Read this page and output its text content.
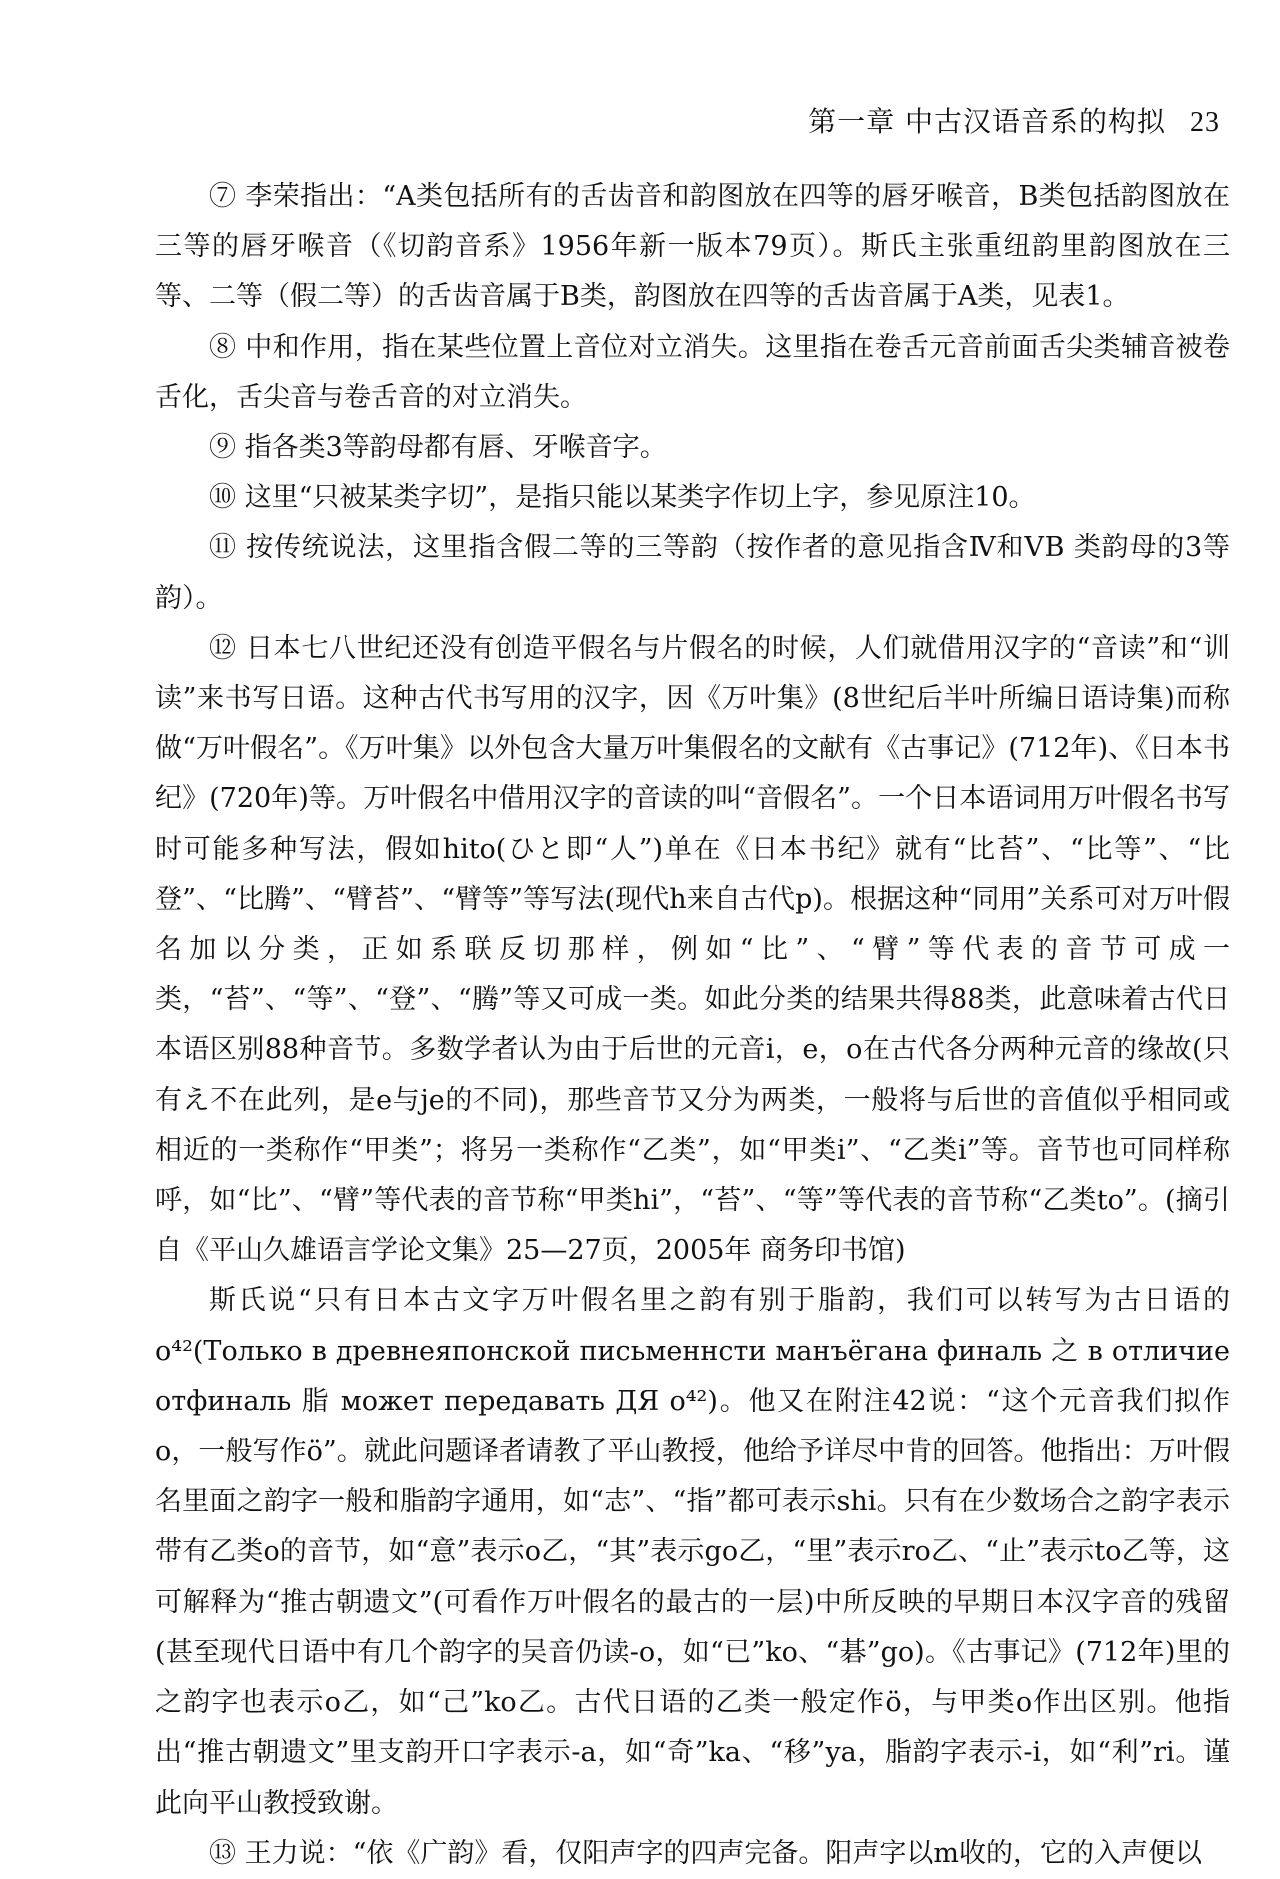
第一章 中古汉语音系的构拟 23

⑦ 李荣指出：“A类包括所有的舌齿音和韵图放在四等的唇牙喉音，B类包括韵图放在三等的唇牙喉音（《切韵音系》1956年新一版本79页）。斯氏主张重纽韵里韵图放在三等、二等（假二等）的舌齿音属于B类，韵图放在四等的舌齿音属于A类，见表1。

⑧ 中和作用，指在某些位置上音位对立消失。这里指在卷舌元音前面舌尖类辅音被卷舌化，舌尖音与卷舌音的对立消失。

⑨ 指各类3等韵母都有唇、牙喉音字。

⑩ 这里“只被某类字切”，是指只能以某类字作切上字，参见原注10。

⑪ 按传统说法，这里指含假二等的三等韵（按作者的意见指含Ⅳ和ⅤB 类韵母的3等韵）。

⑫ 日本七八世纪还没有创造平假名与片假名的时候，人们就借用汉字的“音读”和“训读”来书写日语。这种古代书写用的汉字，因《万叶集》(8世纪后半叶所编日语诗集)而称做“万叶假名”。《万叶集》以外包含大量万叶集假名的文献有《古事记》(712年)、《日本书纪》(720年)等。万叶假名中借用汉字的音读的叫“音假名”。一个日本语词用万叶假名书写时可能多种写法，假如hito(ひと即“人”)单在《日本书纪》就有“比苔”、“比等”、“比登”、“比腾”、“臂苔”、“臂等”等写法(现代h来自古代p)。根据这种“同用”关系可对万叶假名加以分类，正如系联反切那样，例如“比”、“臂”等代表的音节可成一类，“苔”、“等”、“登”、“腾”等又可成一类。如此分类的结果共得88类，此意味着古代日本语区别88种音节。多数学者认为由于后世的元音i，e，o在古代各分两种元音的缘故(只有え不在此列，是e与je的不同)，那些音节又分为两类，一般将与后世的音值似乎相同或相近的一类称作“甲类”；将另一类称作“乙类”，如“甲类i”、“乙类i”等。音节也可同样称呼，如“比”、“臂”等代表的音节称“甲类hi”，“苔”、“等”等代表的音节称“乙类to”。(摘引自《平山久雄语言学论文集》25—27页，2005年 商务印书馆)

斯氏说“只有日本古文字万叶假名里之韵有别于脂韵，我们可以转写为古日语的o⁴²(Только в древнеяпонской письменнсти манъёгана финаль 之 в отличие отфиналь 脂 может передавать ДЯ o⁴²)。他又在附注42说：“这个元音我们拟作o，一般写作ö”。就此问题译者请教了平山教授，他给予详尽中肯的回答。他指出：万叶假名里面之韵字一般和脂韵字通用，如“志”、“指”都可表示shi。只有在少数场合之韵字表示带有乙类o的音节，如“意”表示o乙，“其”表示go乙，“里”表示ro乙、“止”表示to乙等，这可解释为“推古朝遗文”(可看作万叶假名的最古的一层)中所反映的早期日本汉字音的残留(甚至现代日语中有几个韵字的吴音仍读-o，如“已”ko、“碁”go)。《古事记》(712年)里的之韵字也表示o乙，如“己”ko乙。古代日语的乙类一般定作ö，与甲类o作出区别。他指出“推古朝遗文”里支韵开口字表示-a，如“奇”ka、“移”ya，脂韵字表示-i，如“利”ri。谨此向平山教授致谢。

⑬ 王力说：“依《广韵》看，仅阳声字的四声完备。阳声字以m收的，它的入声便以
